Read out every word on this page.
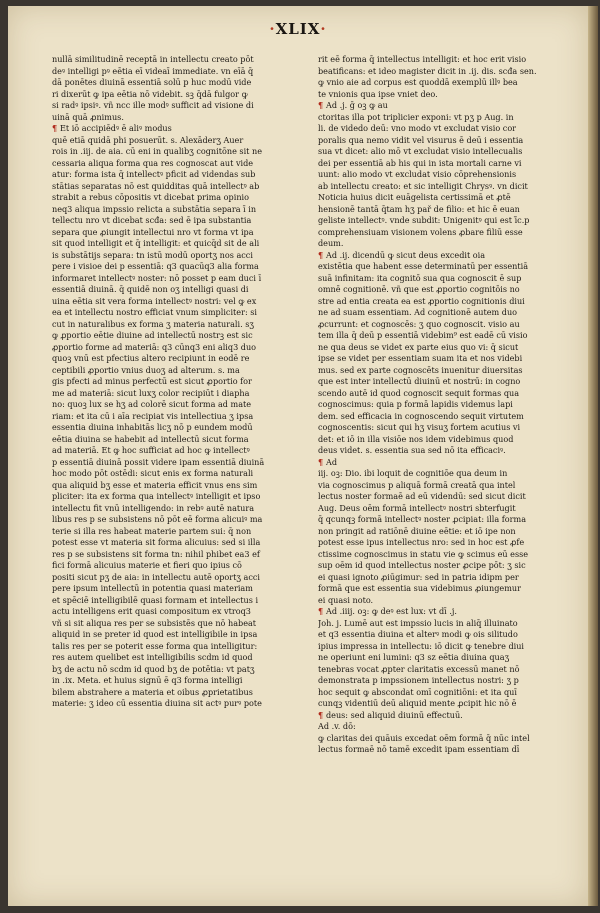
·XLIX·
nullā similitudinē receptā in intellectu creato pōt
deꝰ intelligi pꝰ eētia eī videaī immediate. vn eīā q̄
dā ponētes diuinā essentiā solū p huc modū vide
ri dixerūt ꝙ ipa eētia nō videbit. sꝫ q̄dā fulgor ꝙ
si radꝰ ipsiꝰ. vñ ncc ille modꝰ sufficit ad visione di
uinā quā ꝓnimus.
¶ Et iō accipiēdꝰ ē aliꝰ modus
quē etiā quidā phi posuerūt. s. Alexāderʒ Auer
rois in .iij. de aia. cū eni in qualibʒ cognitōne sit ne
cessaria aliqua forma qua res cognoscat aut vide
atur: forma ista q̄ intellectꝰ pficit ad videndas sub
stātias separatas nō est quidditas quā intellectꝰ ab
strabit a rebus cōpositis vt dicebat prima opinio
neq3 aliqua impssio relicta a substātia separa ī in
tellectu nro vt dicebat scđa: sed ē ipa substantia
separa que ꝓiungit intellectui nro vt forma vt ipa
sit quod intelligit et q̄ intelligit: et quicq̄d sit de ali
is substātijs separa: tn istū modū oportʒ nos acci
pere i visioe dei p essentiā: q3 quacūq3 alia forma
informaret intellectꝰ noster: nō posset p eam duci ī
essentiā diuinā. q̄ quidē non oʒ intelligi quasi di
uina eētia sit vera forma intellectꝰ nostri: vel ꝙ ex
ea et intellectu nostro efficiat vnum simpliciter: si
cut in naturalibus ex forma ʒ materia naturali. sʒ
ꝙ ꝓportio eētie diuine ad intellectū nostrꝫ est sic
ꝓportio forme ad materiā: q3 cūnq3 eni aliq3 duo
quoꝫ vnū est pfectius altero recipiunt in eodē re
ceptibili ꝓportio vnius duoʒ ad alterum. s. ma
gis pfecti ad minus perfectū est sicut ꝓportio for
me ad materiā: sicut luxʒ color recipiūt i diapha
no: quoꝫ lux se hʒ ad colorē sicut forma ad mate
riam: et ita cū i aīa recipiat vis intellectiua ʒ ipsa
essentia diuina inhabitās licʒ nō p eundem modū
eētia diuina se habebit ad intellectū sicut forma
ad materiā. Et ꝙ hoc sufficiat ad hoc ꝙ intellectꝰ
p essentiā diuinā possit videre ipam essentiā diuinā
hoc modo pōt ostēdi: sicut enis ex forma naturali
qua aliquid bʒ esse et materia efficit vnus ens sim
pliciter: ita ex forma qua intellectꝰ intelligit et ipso
intellectu fit vnū intelligendo: in rebꝰ autē natura
libus res p se subsistens nō pōt eē forma alicuiꝰ ma
terie si illa res habeat materie partem sui: q̄ non
potest esse vt materia sit forma alicuius: sed si illa
res p se subsistens sit forma tn: nihil phibet ea3 ef
fici formā alicuius materie et fieri quo ipius cō
positi sicut pʒ de aia: in intellectu autē oportʒ acci
pere ipsum intellectū in potentia quasi materiam
et spēciē intelligibilē quasi formam et intellectus i
actu intelligens erit quasi compositum ex vtroq3
vñ si sit aliqua res per se subsistēs que nō habeat
aliquid in se preter id quod est intelligibile in ipsa
talis res per se poterit esse forma qua intelligitur:
res autem quelibet est intelligibilis scdm id quod
bʒ de actu nō scdm id quod bʒ de potētia: vt patʒ
in .ix. Meta. et huius signū ē q3 forma intelligi
bilem abstrahere a materia et oibus ꝓprietatibus
materie: ʒ ideo cū essentia diuina sit actꝰ purꝰ pote
rit eē forma q̄ intellectus intelligit: et hoc erit visio
beatificans: et ideo magister dicit in .ij. dis. scđa sen.
ꝙ vnio aie ad corpus est quoddā exemplū illꝰ bea
te vnionis qua ipse vniet deo.
¶ Ad .j. ḡ oꝫ ꝙ au
ctoritas illa pot triplicier exponi: vt pʒ p Aug. in
li. de videdo deū: vno modo vt excludat visio cor
poralis qua nemo vidit vel visurus ē deū i essentia
sua vt dicet: alio mō vt excludat visio intellecualis
dei per essentiā ab his qui in ista mortali carne vi
uunt: alio modo vt excludat visio cōprehensionis
ab intellectu creato: et sic intelligit Chrysꝰ. vn dicit
Noticia huius dicit euāgelista certissimā et ꝓtē
hensionē tantā q̄tam hʒ pař de filio: et hic ē euan
geliste intellectꝰ. vnde subdit: Unigenitꝰ qui est ī̄c.p
comprehensiuam visionem volens ꝓbare filiū esse
deum.
¶ Ad .ij. dicendū ꝙ sicut deus excedit oia
existētia que habent esse determinatū per essentiā
suā infinitam: ita cognitō sua qua cognoscit ē sup
omnē cognitionē. vñ que est ꝓportio cognitōis no
stre ad entia creata ea est ꝓportio cognitionis diui
ne ad suam essentiam. Ad cognitionē autem duo
ꝓcurrunt: et cognoscēs: ʒ quo cognoscit. visio au
tem illa q̄ deū p essentiā videbim⁹ est eadē cū visio
ne qua deus se videt ex parte eius quo vi: q̄ sicut
ipse se videt per essentiam suam ita et nos videbi
mus. sed ex parte cognoscēts inuenitur diuersitas
que est inter intellectū diuinū et nostrū: in cogno
scendo autē id quod cognoscit sequit formas qua
cognoscimus: quia p formā lapidis videmus lapi
dem. sed efficacia in cognoscendo sequit virtutem
cognoscentis: sicut qui hʒ visuʒ fortem acutius vi
det: et iō in illa visiōe nos idem videbimus quod
deus videt. s. essentia sua sed nō ita efficaciꝰ.
¶ Ad
iij. oꝫ: Dio. ibi loquit de cognitiōe qua deum in
via cognoscimus p aliquā formā creatā qua intel
lectus noster formaē ad eū videndū: sed sicut dicit
Aug. Deus oēm formā intellectꝰ nostri sbterfugit
q̄ qcunqꝫ formā intellectꝰ noster ꝓcipiat: illa forma
non pringit ad ratiōnē diuine eētie: et iō ipe non
potest esse ipus intellectus nro: sed in hoc est ꝓfe
ctissime cognoscimus in statu vie ꝙ scimus eū esse
sup oēm id quod intellectus noster ꝓcipe pōt: ʒ sic
ei quasi ignoto ꝓiūgimur: sed in patria idipm per
formā que est essentia sua videbimus ꝓiungemur
ei quasi noto.
¶ Ad .iiij. oꝫ: ꝙ deꝰ est lux: vt dī .j.
Joh. j. Lumē aut est impssio lucis in aliq̄ illuinato
et q3 essentia diuina et alterꝰ modi ꝙ ois silitudo
ipius impressa in intellectu: iō dicit ꝙ tenebre diui
ne operiunt eni lumini: q3 sz eētia diuina quaʒ
tenebras vocat ꝓpter claritatis excessū manet nō
demonstrata p impssionem intellectus nostri: ʒ p
hoc sequit ꝙ abscondat omī cognitiōni: et ita quī
cunqꝫ videntiū deū aliquid mente ꝓcipit hic nō ē
¶ deus: sed aliquid diuinū effectuū.
Ad .v. dō:
ꝙ claritas dei quāuis excedat oēm formā q̄ nūc intel
lectus formaē nō tamē excedit ipam essentiam dī
